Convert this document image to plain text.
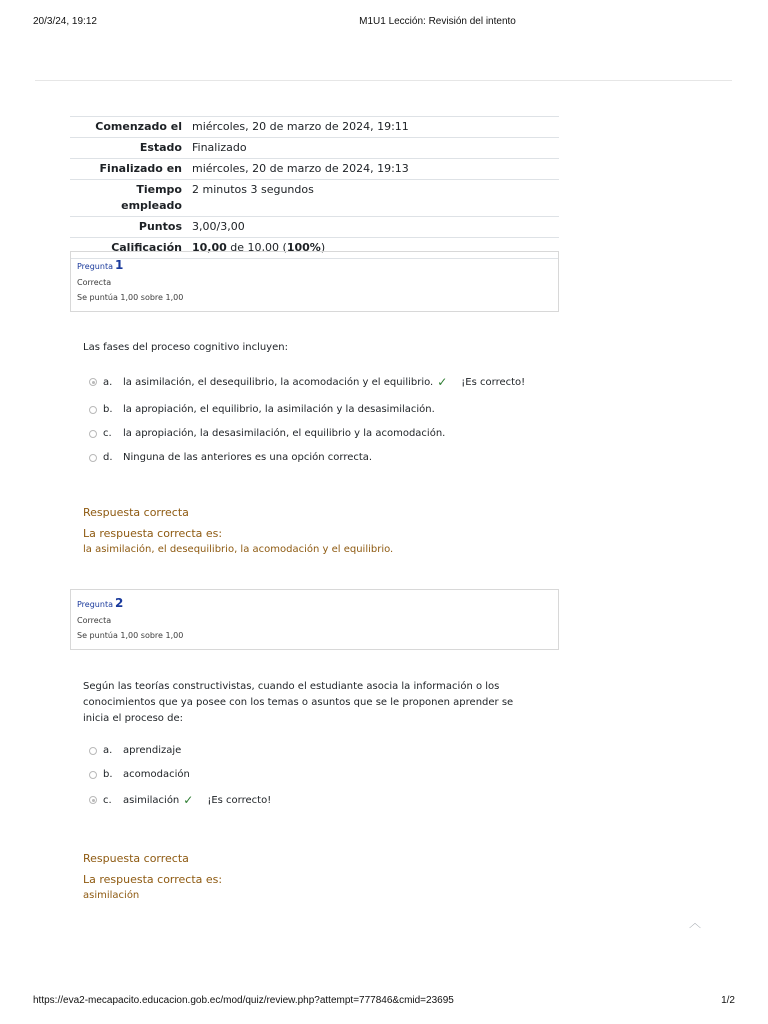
20/3/24, 19:12	M1U1 Lección: Revisión del intento
Comenzado el	miércoles, 20 de marzo de 2024, 19:11
Estado	Finalizado
Finalizado en	miércoles, 20 de marzo de 2024, 19:13
Tiempo
empleado	2 minutos 3 segundos
Puntos	3,00/3,00
Calificación	10,00 de 10,00 (100%)
Pregunta 1
Correcta
Se puntúa 1,00 sobre 1,00
Las fases del proceso cognitivo incluyen:
a.	la asimilación, el desequilibrio, la acomodación y el equilibrio. ✓ ¡Es correcto!
b.	la apropiación, el equilibrio, la asimilación y la desasimilación.
c.	la apropiación, la desasimilación, el equilibrio y la acomodación.
d.	Ninguna de las anteriores es una opción correcta.
Respuesta correcta
La respuesta correcta es:
la asimilación, el desequilibrio, la acomodación y el equilibrio.
Pregunta 2
Correcta
Se puntúa 1,00 sobre 1,00
Según las teorías constructivistas, cuando el estudiante asocia la información o los
conocimientos que ya posee con los temas o asuntos que se le proponen aprender se
inicia el proceso de:
a.	aprendizaje
b.	acomodación
c.	asimilación ✓ ¡Es correcto!
Respuesta correcta
La respuesta correcta es:
asimilación
︿
https://eva2-mecapacito.educacion.gob.ec/mod/quiz/review.php?attempt=777846&cmid=23695	1/2
